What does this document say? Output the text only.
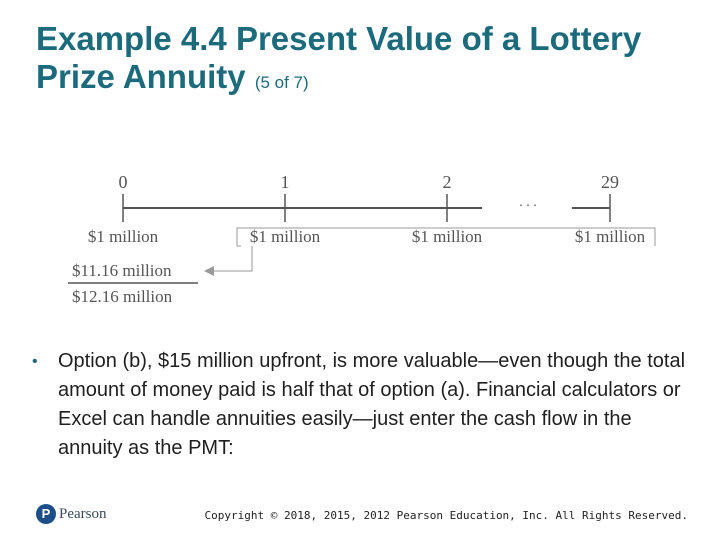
Example 4.4 Present Value of a Lottery Prize Annuity (5 of 7)
. . .
0	1	2	29
$1 million	$1 million	$1 million	$1 million
$11.16 million
$12.16 million
•	Option (b), $15 million upfront, is more valuable—even though the total amount of money paid is half that of option (a). Financial calculators or Excel can handle annuities easily—just enter the cash flow in the annuity as the PMT:
P Pearson	Copyright © 2018, 2015, 2012 Pearson Education, Inc. All Rights Reserved.
